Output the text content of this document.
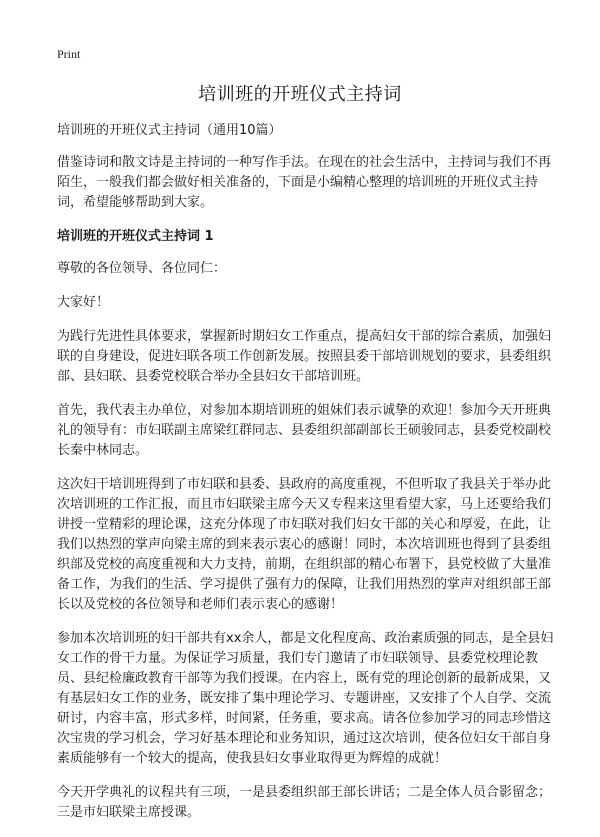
Print
培训班的开班仪式主持词

培训班的开班仪式主持词（通用10篇）

借鉴诗词和散文诗是主持词的一种写作手法。在现在的社会生活中，主持词与我们不再陌生，一般我们都会做好相关准备的，下面是小编精心整理的培训班的开班仪式主持词，希望能够帮助到大家。

培训班的开班仪式主持词 1

尊敬的各位领导、各位同仁：

大家好！

为践行先进性具体要求，掌握新时期妇女工作重点，提高妇女干部的综合素质，加强妇联的自身建设，促进妇联各项工作创新发展。按照县委干部培训规划的要求，县委组织部、县妇联、县委党校联合举办全县妇女干部培训班。

首先，我代表主办单位，对参加本期培训班的姐妹们表示诚挚的欢迎！参加今天开班典礼的领导有：市妇联副主席梁红群同志、县委组织部副部长王硕骏同志，县委党校副校长秦中林同志。

这次妇干培训班得到了市妇联和县委、县政府的高度重视，不但听取了我县关于举办此次培训班的工作汇报，而且市妇联梁主席今天又专程来这里看望大家，马上还要给我们讲授一堂精彩的理论课，这充分体现了市妇联对我们妇女干部的关心和厚爱，在此，让我们以热烈的掌声向梁主席的到来表示衷心的感谢！同时，本次培训班也得到了县委组织部及党校的高度重视和大力支持，前期，在组织部的精心布署下，县党校做了大量准备工作，为我们的生活、学习提供了强有力的保障，让我们用热烈的掌声对组织部王部长以及党校的各位领导和老师们表示衷心的感谢！

参加本次培训班的妇干部共有xx余人，都是文化程度高、政治素质强的同志，是全县妇女工作的骨干力量。为保证学习质量，我们专门邀请了市妇联领导、县委党校理论教员、县纪检廉政教育干部等为我们授课。在内容上，既有党的理论创新的最新成果，又有基层妇女工作的业务，既安排了集中理论学习、专题讲座，又安排了个人自学、交流研讨，内容丰富，形式多样，时间紧，任务重，要求高。请各位参加学习的同志珍惜这次宝贵的学习机会，学习好基本理论和业务知识，通过这次培训，使各位妇女干部自身素质能够有一个较大的提高，使我县妇女事业取得更为辉煌的成就！

今天开学典礼的议程共有三项，一是县委组织部王部长讲话；二是全体人员合影留念；三是市妇联梁主席授课。
